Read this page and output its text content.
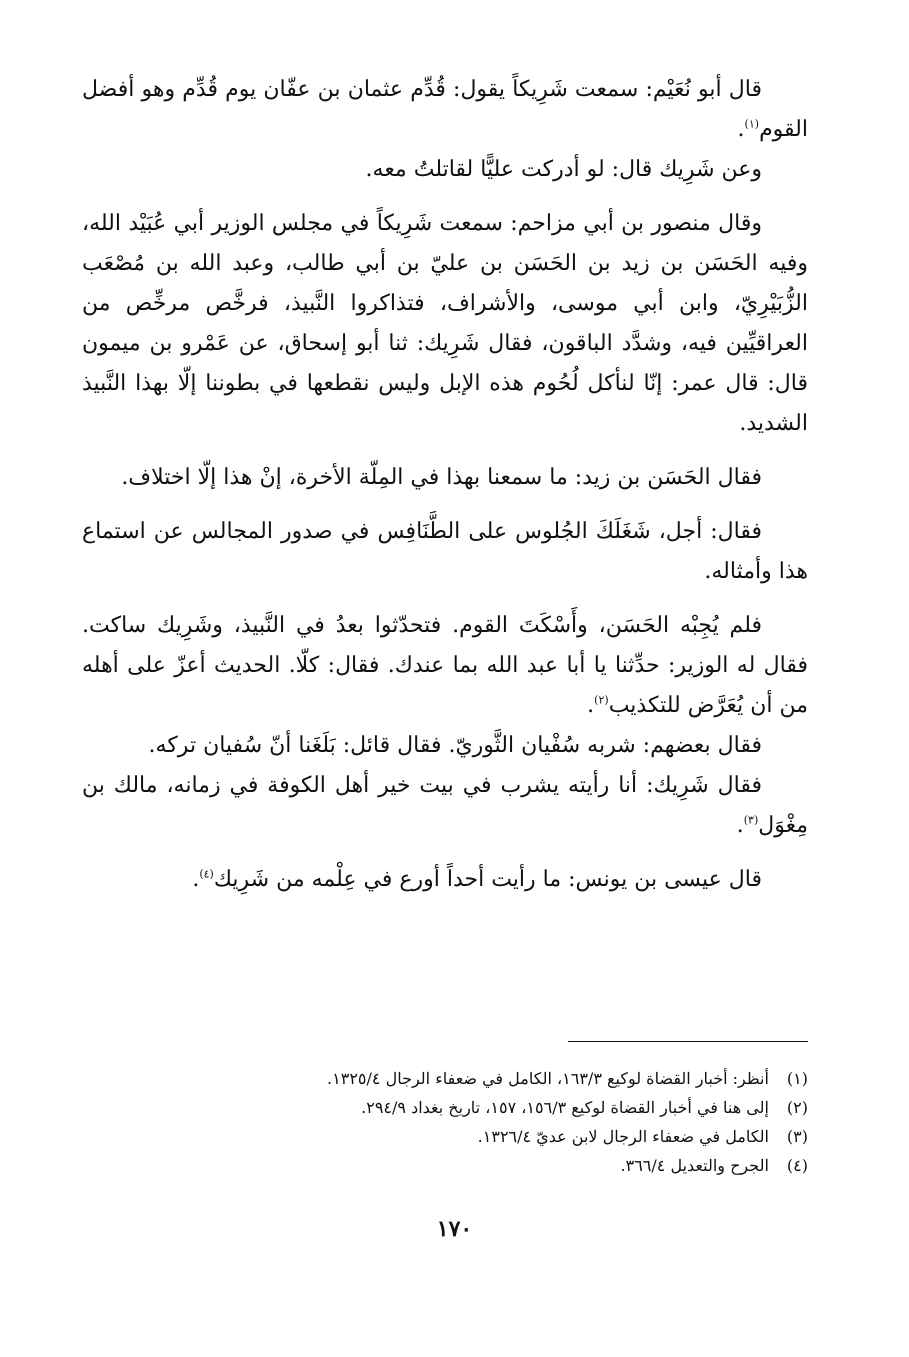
قال أبو نُعَيْم: سمعت شَرِيكاً يقول: قُدِّم عثمان بن عفّان يوم قُدِّم وهو أفضل القوم$^{(١)}$.

وعن شَرِيك قال: لو أدركت عليًّا لقاتلتُ معه.

وقال منصور بن أبي مزاحم: سمعت شَرِيكاً في مجلس الوزير أبي عُبَيْد الله، وفيه الحَسَن بن زيد بن الحَسَن بن عليّ بن أبي طالب، وعبد الله بن مُصْعَب الزُّبَيْرِيّ، وابن أبي موسى، والأشراف، فتذاكروا النَّبيذ، فرخَّص مرخِّص من العراقيِّين فيه، وشدَّد الباقون، فقال شَرِيك: ثنا أبو إسحاق، عن عَمْرو بن ميمون قال: قال عمر: إنّا لنأكل لُحُوم هذه الإبل وليس نقطعها في بطوننا إلّا بهذا النَّبيذ الشديد.

فقال الحَسَن بن زيد: ما سمعنا بهذا في المِلّة الأخرة، إنْ هذا إلّا اختلاف.

فقال: أجل، شَغَلَكَ الجُلوس على الطَّنَافِس في صدور المجالس عن استماع هذا وأمثاله.

فلم يُجِبْه الحَسَن، وأَسْكَتَ القوم. فتحدّثوا بعدُ في النَّبيذ، وشَرِيك ساكت. فقال له الوزير: حدِّثنا يا أبا عبد الله بما عندك. فقال: كلّا. الحديث أعزّ على أهله من أن يُعَرَّض للتكذيب$^{(٢)}$.

فقال بعضهم: شربه سُفْيان الثَّوريّ. فقال قائل: بَلَغَنا أنّ سُفيان تركه.

فقال شَرِيك: أنا رأيته يشرب في بيت خير أهل الكوفة في زمانه، مالك بن مِغْوَل$^{(٣)}$.

قال عيسى بن يونس: ما رأيت أحداً أورع في عِلْمه من شَرِيك$^{(٤)}$.

(١) أنظر: أخبار القضاة لوكيع ١٦٣/٣، الكامل في ضعفاء الرجال ١٣٢٥/٤.

(٢) إلى هنا في أخبار القضاة لوكيع ١٥٦/٣، ١٥٧، تاريخ بغداد ٢٩٤/٩.

(٣) الكامل في ضعفاء الرجال لابن عديّ ١٣٢٦/٤.

(٤) الجرح والتعديل ٣٦٦/٤.

١٧٠
